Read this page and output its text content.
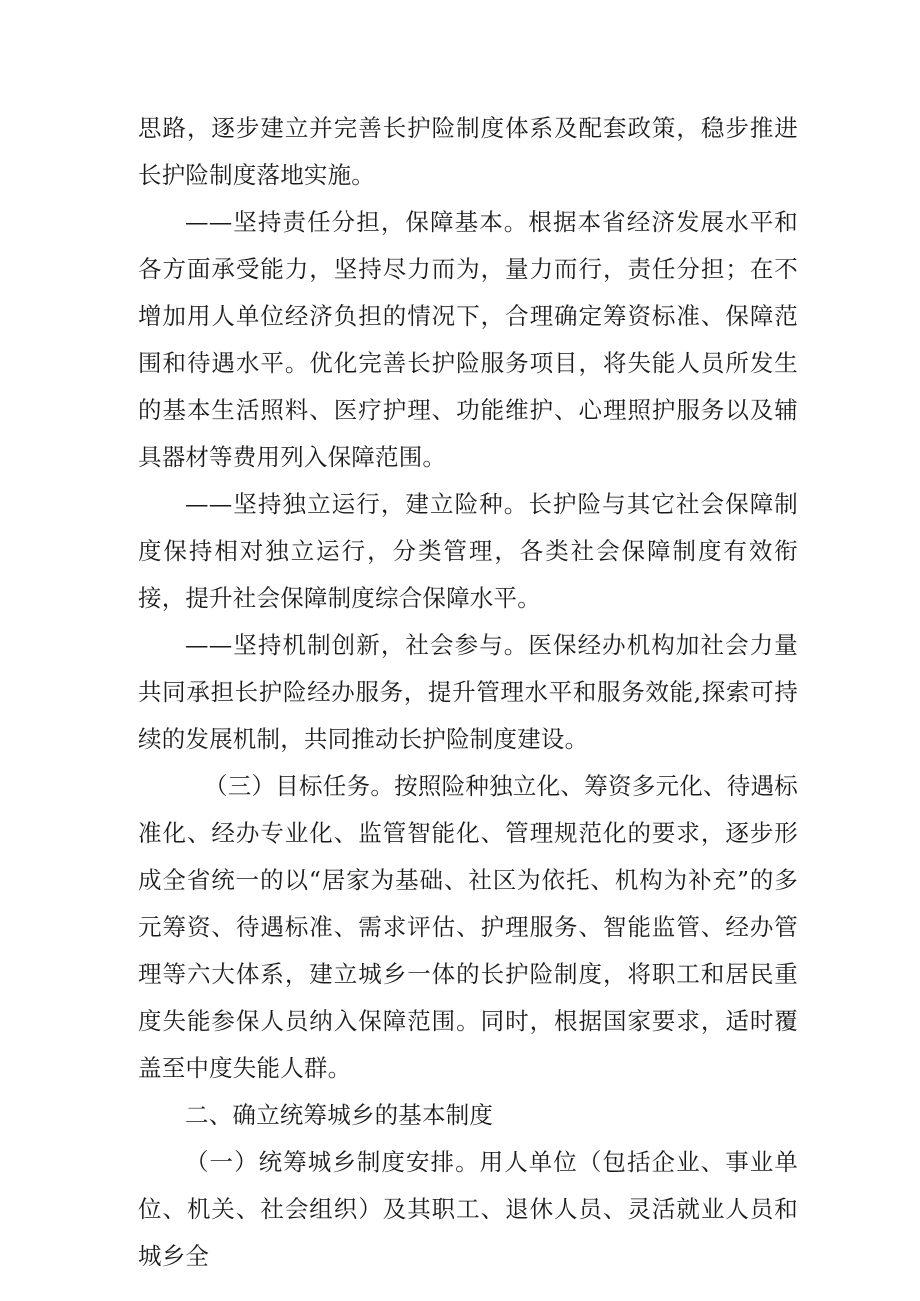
思路，逐步建立并完善长护险制度体系及配套政策，稳步推进长护险制度落地实施。

——坚持责任分担，保障基本。根据本省经济发展水平和各方面承受能力，坚持尽力而为，量力而行，责任分担；在不增加用人单位经济负担的情况下，合理确定筹资标准、保障范围和待遇水平。优化完善长护险服务项目，将失能人员所发生的基本生活照料、医疗护理、功能维护、心理照护服务以及辅具器材等费用列入保障范围。

——坚持独立运行，建立险种。长护险与其它社会保障制度保持相对独立运行，分类管理，各类社会保障制度有效衔接，提升社会保障制度综合保障水平。

——坚持机制创新，社会参与。医保经办机构加社会力量共同承担长护险经办服务，提升管理水平和服务效能,探索可持续的发展机制，共同推动长护险制度建设。

（三）目标任务。按照险种独立化、筹资多元化、待遇标准化、经办专业化、监管智能化、管理规范化的要求，逐步形成全省统一的以“居家为基础、社区为依托、机构为补充”的多元筹资、待遇标准、需求评估、护理服务、智能监管、经办管理等六大体系，建立城乡一体的长护险制度，将职工和居民重度失能参保人员纳入保障范围。同时，根据国家要求，适时覆盖至中度失能人群。

二、确立统筹城乡的基本制度

（一）统筹城乡制度安排。用人单位（包括企业、事业单位、机关、社会组织）及其职工、退休人员、灵活就业人员和城乡全
